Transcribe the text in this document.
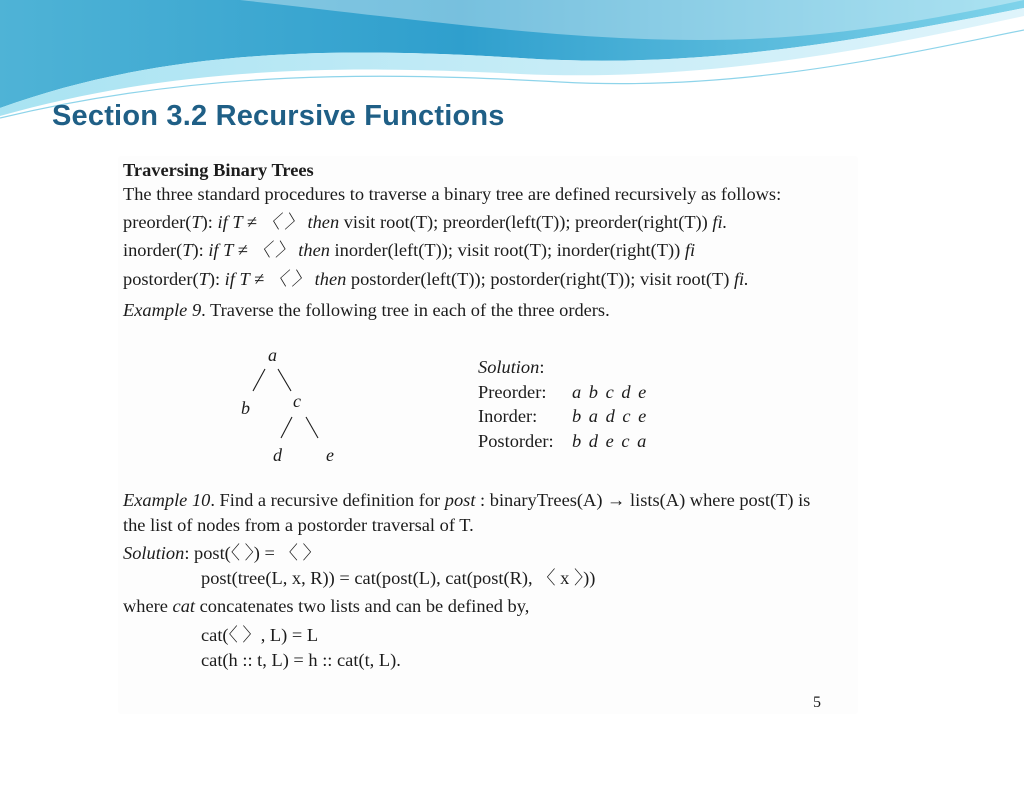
Section 3.2 Recursive Functions
Traversing Binary Trees
The three standard procedures to traverse a binary tree are defined recursively as follows:
preorder(T): if T ≠ 〈 〉 then visit root(T); preorder(left(T)); preorder(right(T)) fi.
inorder(T): if T ≠ 〈 〉 then inorder(left(T)); visit root(T); inorder(right(T)) fi
postorder(T): if T ≠ 〈 〉 then postorder(left(T)); postorder(right(T)); visit root(T) fi.
Example 9. Traverse the following tree in each of the three orders.
a
b c
d e
Solution :
Preorder:	a b c d e
Inorder:	b a d c e
Postorder: b d e c a
Example 10. Find a recursive definition for post : binaryTrees(A) → lists(A) where post(T) is
the list of nodes from a postorder traversal of T.
Solution: post(〈 〉) = 〈 〉
post(tree(L, x, R)) = cat(post(L), cat(post(R), 〈 x 〉))
where cat concatenates two lists and can be defined by,
cat(〈 〉, L) = L
cat(h :: t, L) = h :: cat(t, L).
5
